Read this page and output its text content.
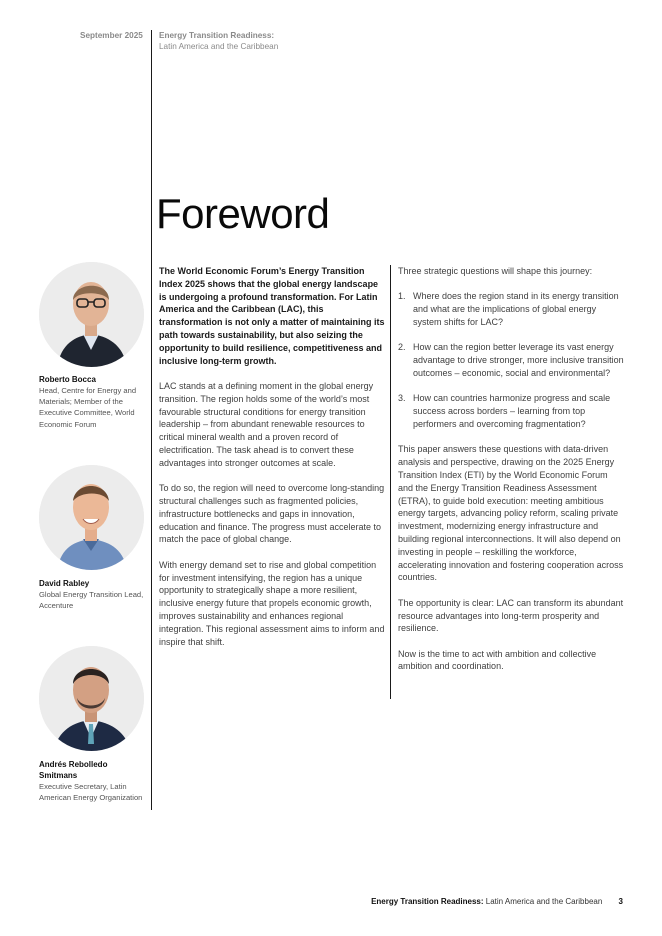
September 2025 Energy Transition Readiness:
Latin America and the Caribbean
Foreword
Roberto Bocca
Head, Centre for Energy and Materials; Member of the Executive Committee, World Economic Forum
David Rabley
Global Energy Transition Lead, Accenture
Andrés Rebolledo Smitmans
Executive Secretary, Latin American Energy Organization

The World Economic Forum’s Energy Transition Index 2025 shows that the global energy landscape is undergoing a profound transformation. For Latin America and the Caribbean (LAC), this transformation is not only a matter of maintaining its path towards sustainability, but also seizing the opportunity to build resilience, competitiveness and inclusive long-term growth.

LAC stands at a defining moment in the global energy transition. The region holds some of the world’s most favourable structural conditions for energy transition leadership – from abundant renewable resources to critical mineral wealth and a proven record of electrification. The task ahead is to convert these advantages into stronger outcomes at scale.

To do so, the region will need to overcome long-standing structural challenges such as fragmented policies, infrastructure bottlenecks and gaps in innovation, education and finance. The progress must accelerate to match the pace of global change.

With energy demand set to rise and global competition for investment intensifying, the region has a unique opportunity to strategically shape a more resilient, inclusive energy future that propels economic growth, improves sustainability and enhances regional integration. This regional assessment aims to inform and inspire that shift.

Three strategic questions will shape this journey:

1. Where does the region stand in its energy transition and what are the implications of global energy system shifts for LAC?
2. How can the region better leverage its vast energy advantage to drive stronger, more inclusive transition outcomes – economic, social and environmental?
3. How can countries harmonize progress and scale success across borders – learning from top performers and overcoming fragmentation?

This paper answers these questions with data-driven analysis and perspective, drawing on the 2025 Energy Transition Index (ETI) by the World Economic Forum and the Energy Transition Readiness Assessment (ETRA), to guide bold execution: meeting ambitious energy targets, advancing policy reform, scaling private investment, modernizing energy infrastructure and building regional interconnections. It will also depend on investing in people – reskilling the workforce, accelerating innovation and fostering cooperation across countries.

The opportunity is clear: LAC can transform its abundant resource advantages into long-term prosperity and resilience.

Now is the time to act with ambition and collective ambition and coordination.

Energy Transition Readiness: Latin America and the Caribbean 3
